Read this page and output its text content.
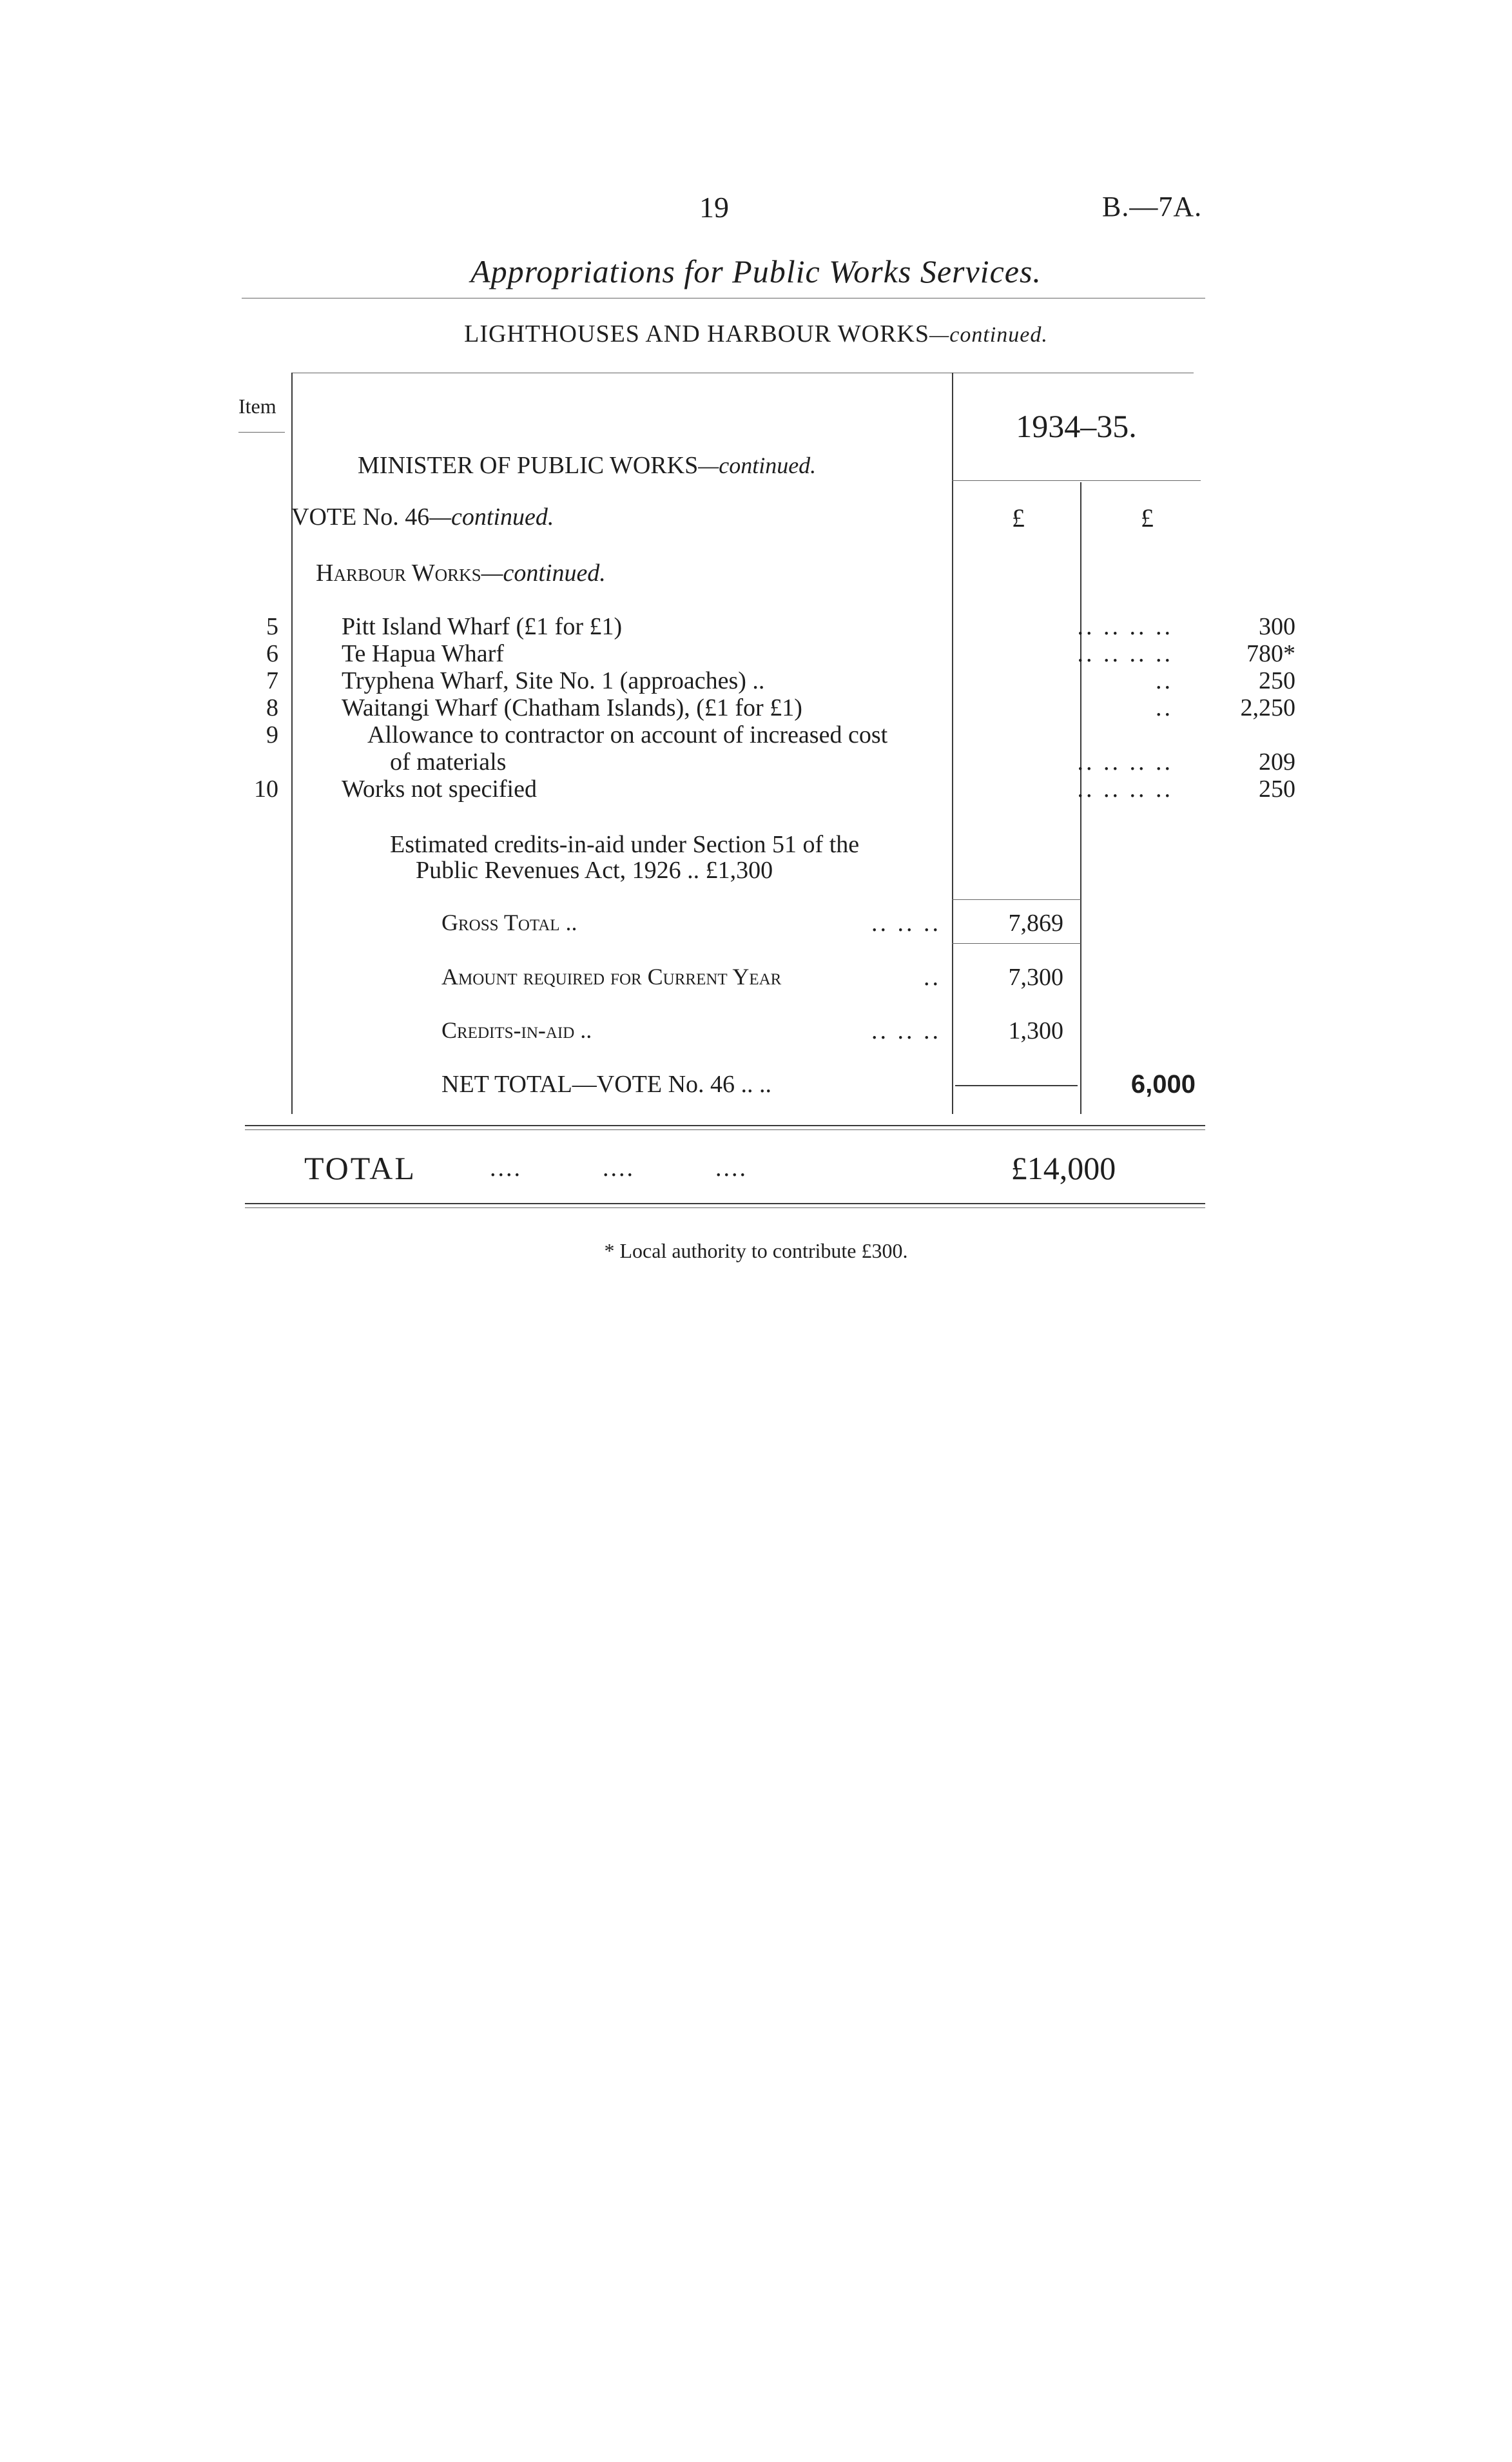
19	B.—7A.
Appropriations for Public Works Services.
LIGHTHOUSES AND HARBOUR WORKS—continued.
Item
1934–35.
MINISTER OF PUBLIC WORKS—continued.
VOTE No. 46—continued.	£	£
Harbour Works—continued.
5	Pitt Island Wharf (£1 for £1)	.. .. .. ..	300
6	Te Hapua Wharf	.. .. .. ..	780*
7	Tryphena Wharf, Site No. 1 (approaches) ..	..	250
8	Waitangi Wharf (Chatham Islands), (£1 for £1)	..	2,250
9	Allowance to contractor on account of increased cost
of materials	.. .. .. ..	209
10	Works not specified	.. .. .. ..	250
Estimated credits-in-aid under Section 51 of the
Public Revenues Act, 1926 .. £1,300
Gross Total ..	.. .. ..	7,869
Amount required for Current Year	..	7,300
Credits-in-aid ..	.. .. ..	1,300
NET TOTAL—VOTE No. 46 .. ..	6,000
TOTAL	....          ....          ....	£14,000
* Local authority to contribute £300.
